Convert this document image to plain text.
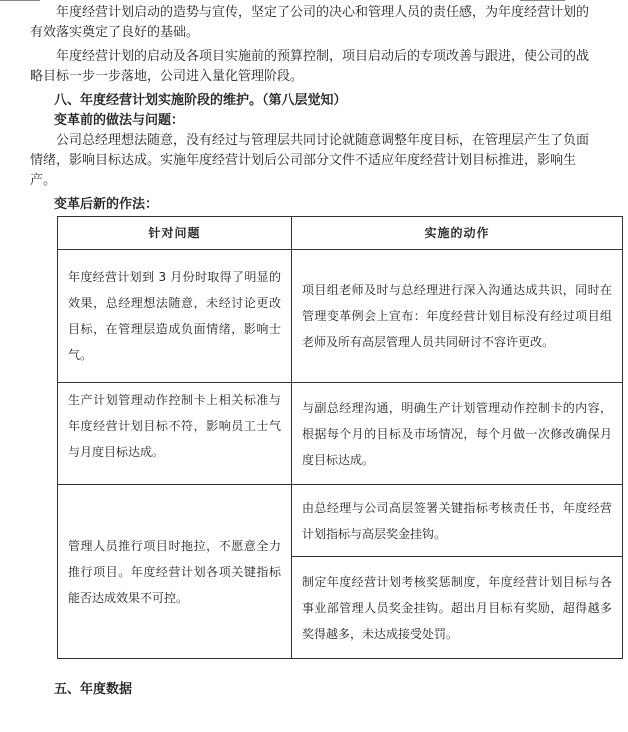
年度经营计划启动的造势与宣传，坚定了公司的决心和管理人员的责任感，为年度经营计划的有效落实奠定了良好的基础。

年度经营计划的启动及各项目实施前的预算控制，项目启动后的专项改善与跟进，使公司的战略目标一步一步落地，公司进入量化管理阶段。

八、年度经营计划实施阶段的维护。（第八层觉知）

变革前的做法与问题：

公司总经理想法随意，没有经过与管理层共同讨论就随意调整年度目标，在管理层产生了负面情绪，影响目标达成。实施年度经营计划后公司部分文件不适应年度经营计划目标推进，影响生产。

变革后新的作法：

针对问题	实施的动作
年度经营计划到 3 月份时取得了明显的效果，总经理想法随意，未经讨论更改目标，在管理层造成负面情绪，影响士气。	项目组老师及时与总经理进行深入沟通达成共识，同时在管理变革例会上宣布：年度经营计划目标没有经过项目组老师及所有高层管理人员共同研讨不容许更改。
生产计划管理动作控制卡上相关标准与年度经营计划目标不符，影响员工士气与月度目标达成。	与副总经理沟通，明确生产计划管理动作控制卡的内容，根据每个月的目标及市场情况，每个月做一次修改确保月度目标达成。
管理人员推行项目时拖拉，不愿意全力推行项目。年度经营计划各项关键指标能否达成效果不可控。	由总经理与公司高层签署关键指标考核责任书，年度经营计划指标与高层奖金挂钩。
	制定年度经营计划考核奖惩制度，年度经营计划目标与各事业部管理人员奖金挂钩。超出月目标有奖励，超得越多奖得越多，未达成接受处罚。

五、年度数据
